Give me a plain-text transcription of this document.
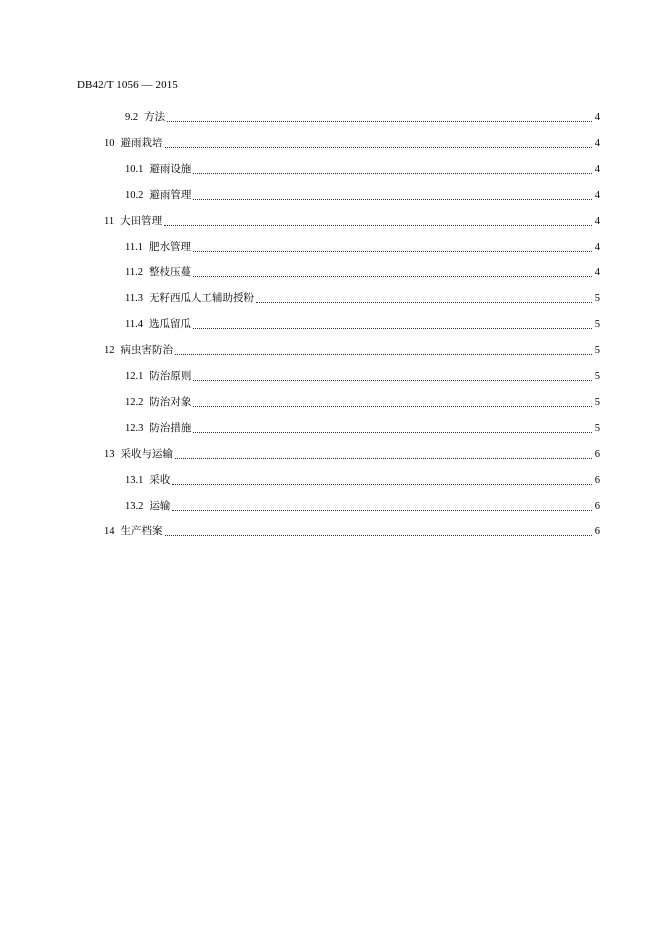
DB42/T 1056 — 2015
9.2 方法	4
10 避雨栽培	4
10.1 避雨设施	4
10.2 避雨管理	4
11 大田管理	4
11.1 肥水管理	4
11.2 整枝压蔓	4
11.3 无籽西瓜人工辅助授粉	5
11.4 选瓜留瓜	5
12 病虫害防治	5
12.1 防治原则	5
12.2 防治对象	5
12.3 防治措施	5
13 采收与运输	6
13.1 采收	6
13.2 运输	6
14 生产档案	6
